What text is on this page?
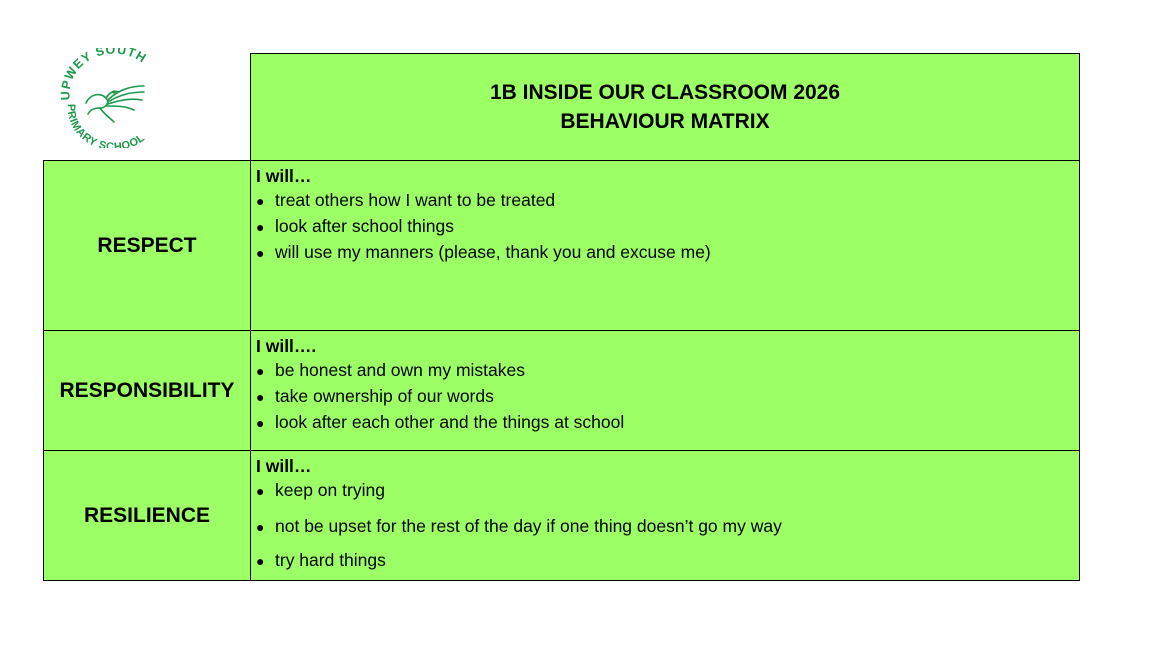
UPWEY SOUTH
PRIMARY SCHOOL
1B INSIDE OUR CLASSROOM 2026
BEHAVIOUR MATRIX
RESPECT
I will…
● treat others how I want to be treated
● look after school things
● will use my manners (please, thank you and excuse me)
RESPONSIBILITY
I will….
● be honest and own my mistakes
● take ownership of our words
● look after each other and the things at school
RESILIENCE
I will…
● keep on trying
● not be upset for the rest of the day if one thing doesn’t go my way
● try hard things
